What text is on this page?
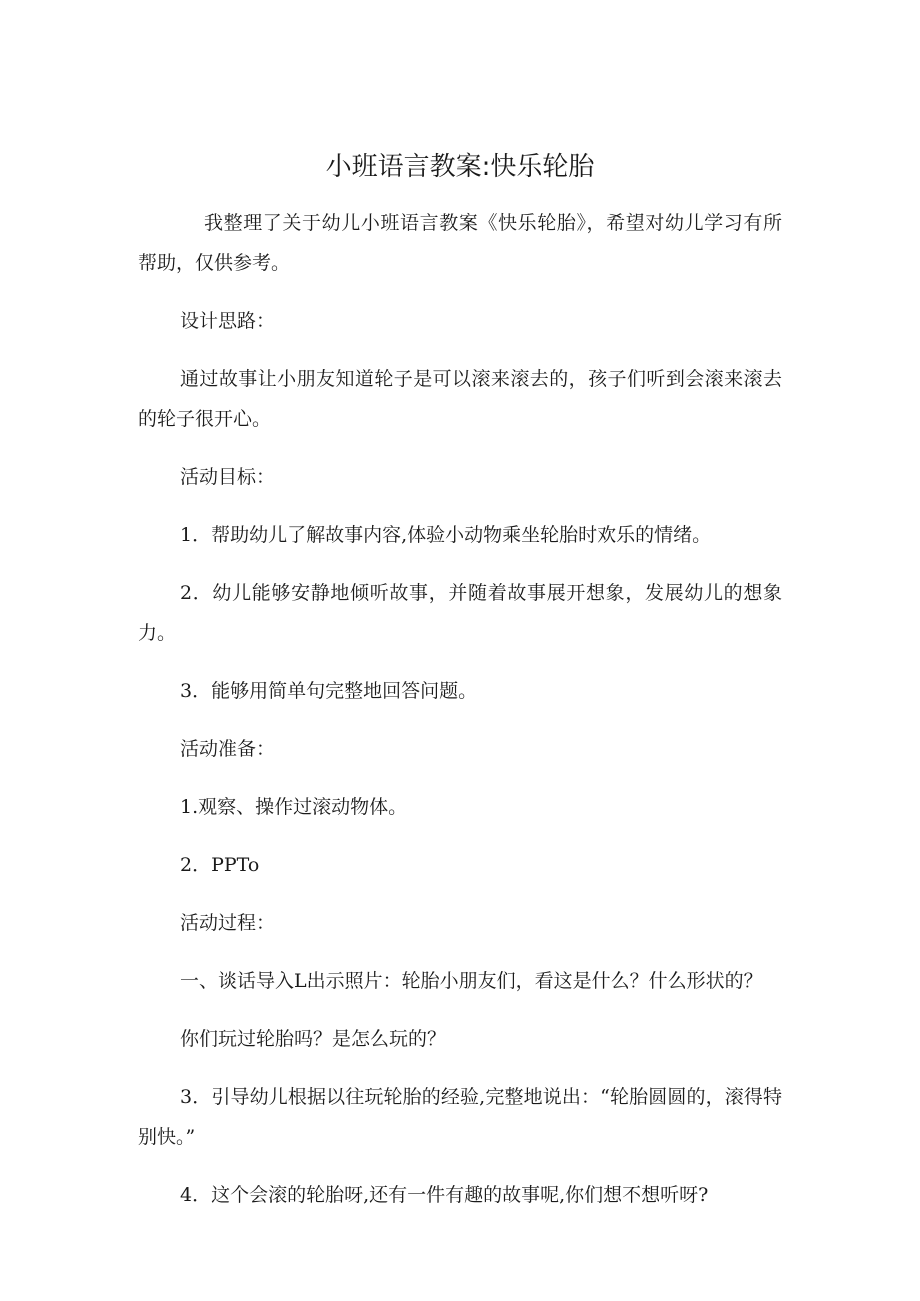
小班语言教案:快乐轮胎

我整理了关于幼儿小班语言教案《快乐轮胎》，希望对幼儿学习有所帮助，仅供参考。

设计思路：

通过故事让小朋友知道轮子是可以滚来滚去的，孩子们听到会滚来滚去的轮子很开心。

活动目标：

1．帮助幼儿了解故事内容,体验小动物乘坐轮胎时欢乐的情绪。

2．幼儿能够安静地倾听故事，并随着故事展开想象，发展幼儿的想象力。

3．能够用简单句完整地回答问题。

活动准备：

1.观察、操作过滚动物体。

2．PPTo

活动过程：

一、谈话导入L出示照片：轮胎小朋友们，看这是什么？什么形状的？

你们玩过轮胎吗？是怎么玩的？

3．引导幼儿根据以往玩轮胎的经验,完整地说出：“轮胎圆圆的，滚得特别快。”

4．这个会滚的轮胎呀,还有一件有趣的故事呢,你们想不想听呀?
